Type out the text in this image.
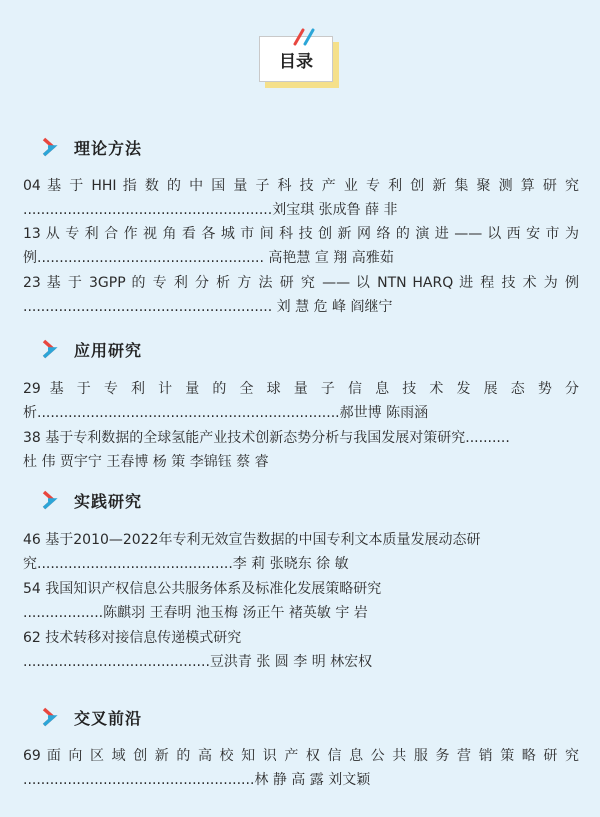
目录
理论方法
04 基 于 HHI 指 数 的 中 国 量 子 科 技 产 业 专 利 创 新 集 聚 测 算 研 究
........................................................刘宝琪 张成鲁 薛 非
13 从 专 利 合 作 视 角 看 各 城 市 间 科 技 创 新 网 络 的 演 进 —— 以 西 安 市 为
例................................................... 高艳慧 宣 翔 高雅茹
23 基 于 3GPP 的 专 利 分 析 方 法 研 究 —— 以 NTN HARQ 进 程 技 术 为 例
........................................................ 刘 慧 危 峰 阎继宁
应用研究
29 基 于 专 利 计 量 的 全 球 量 子 信 息 技 术 发 展 态 势 分
析....................................................................郝世博 陈雨涵
38 基于专利数据的全球氢能产业技术创新态势分析与我国发展对策研究..........
杜 伟 贾宇宁 王春博 杨 策 李锦钰 蔡 睿
实践研究
46 基于2010—2022年专利无效宣告数据的中国专利文本质量发展动态研
究............................................李 莉 张晓东 徐 敏
54 我国知识产权信息公共服务体系及标准化发展策略研究
..................陈麒羽 王春明 池玉梅 汤正午 褚英敏 宇 岩
62 技术转移对接信息传递模式研究
..........................................豆洪青 张 圆 李 明 林宏权
交叉前沿
69 面 向 区 域 创 新 的 高 校 知 识 产 权 信 息 公 共 服 务 营 销 策 略 研 究
....................................................林 静 高 露 刘文颖
